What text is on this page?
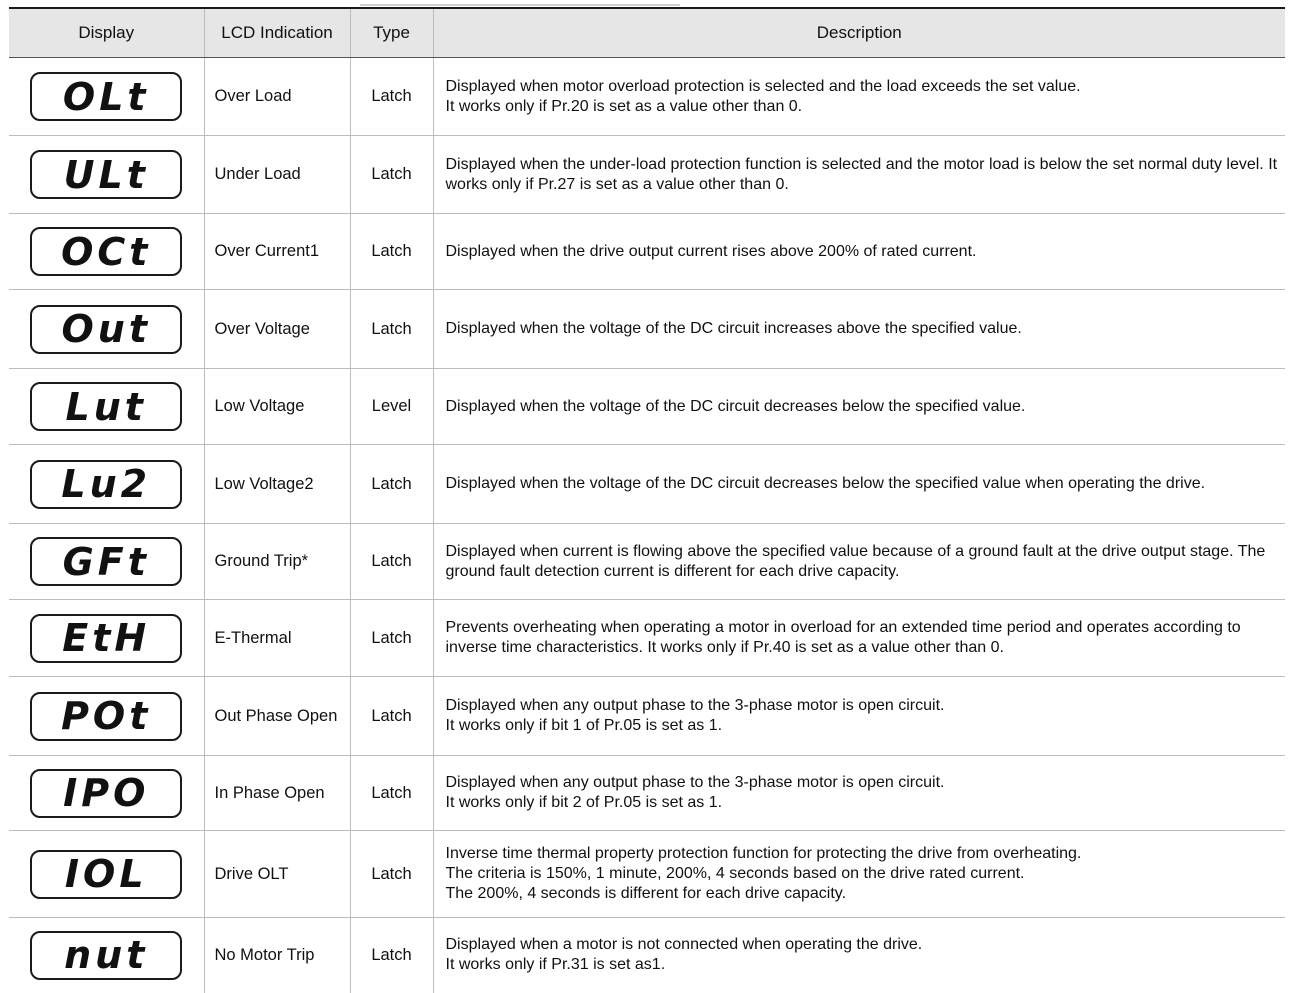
Display	LCD Indication	Type	Description

OLt	Over Load	Latch	Displayed when motor overload protection is selected and the load exceeds the set value.
It works only if Pr.20 is set as a value other than 0.

ULt	Under Load	Latch	Displayed when the under-load protection function is selected and the motor load is below the set normal duty level. It works only if Pr.27 is set as a value other than 0.

OCt	Over Current1	Latch	Displayed when the drive output current rises above 200% of rated current.

Out	Over Voltage	Latch	Displayed when the voltage of the DC circuit increases above the specified value.

Lut	Low Voltage	Level	Displayed when the voltage of the DC circuit decreases below the specified value.

Lu2	Low Voltage2	Latch	Displayed when the voltage of the DC circuit decreases below the specified value when operating the drive.

GFt	Ground Trip*	Latch	Displayed when current is flowing above the specified value because of a ground fault at the drive output stage. The ground fault detection current is different for each drive capacity.

EtH	E-Thermal	Latch	Prevents overheating when operating a motor in overload for an extended time period and operates according to inverse time characteristics. It works only if Pr.40 is set as a value other than 0.

POt	Out Phase Open	Latch	Displayed when any output phase to the 3-phase motor is open circuit.
It works only if bit 1 of Pr.05 is set as 1.

IPO	In Phase Open	Latch	Displayed when any output phase to the 3-phase motor is open circuit.
It works only if bit 2 of Pr.05 is set as 1.

IOL	Drive OLT	Latch	Inverse time thermal property protection function for protecting the drive from overheating.
The criteria is 150%, 1 minute, 200%, 4 seconds based on the drive rated current.
The 200%, 4 seconds is different for each drive capacity.

nut	No Motor Trip	Latch	Displayed when a motor is not connected when operating the drive.
It works only if Pr.31 is set as1.
